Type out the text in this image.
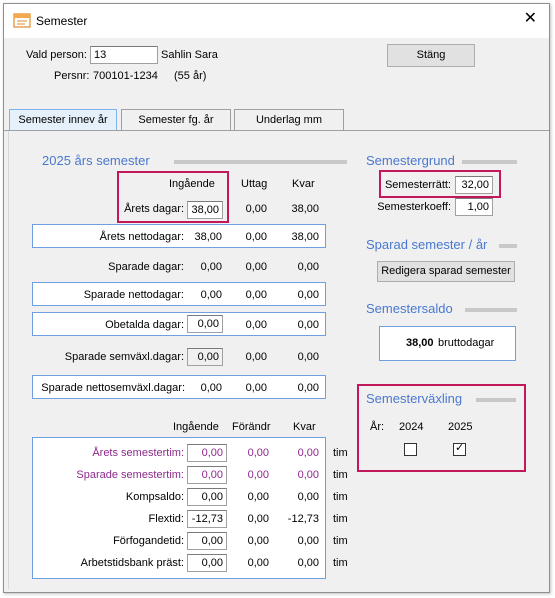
Semester	✕
Vald person: 13	Sahlin Sara
Persnr: 700101-1234 (55 år)
Stäng
Semester innev år	Semester fg. år	Underlag mm
2025 års semester
Ingående Uttag Kvar
Årets dagar: 38,00	0,00	38,00
Årets nettodagar: 38,00	0,00	38,00
Sparade dagar:	0,00	0,00	0,00
Sparade nettodagar:	0,00	0,00	0,00
Obetalda dagar:	0,00	0,00	0,00
Sparade semväxl.dagar:	0,00	0,00	0,00
Sparade nettosemväxl.dagar:	0,00	0,00	0,00
Ingående Förändr Kvar
Årets semestertim:	0,00	0,00	0,00 tim
Sparade semestertim:	0,00	0,00	0,00 tim
Kompsaldo:	0,00	0,00	0,00 tim
Flextid: -12,73	0,00	-12,73 tim
Förfogandetid:	0,00	0,00	0,00 tim
Arbetstidsbank präst:	0,00	0,00	0,00 tim
Semestergrund
Semesterrätt: 32,00
Semesterkoeff:	1,00
Sparad semester / år
Redigera sparad semester
Semestersaldo
38,00 bruttodagar
Semesterväxling
År: 2024 2025
✓
